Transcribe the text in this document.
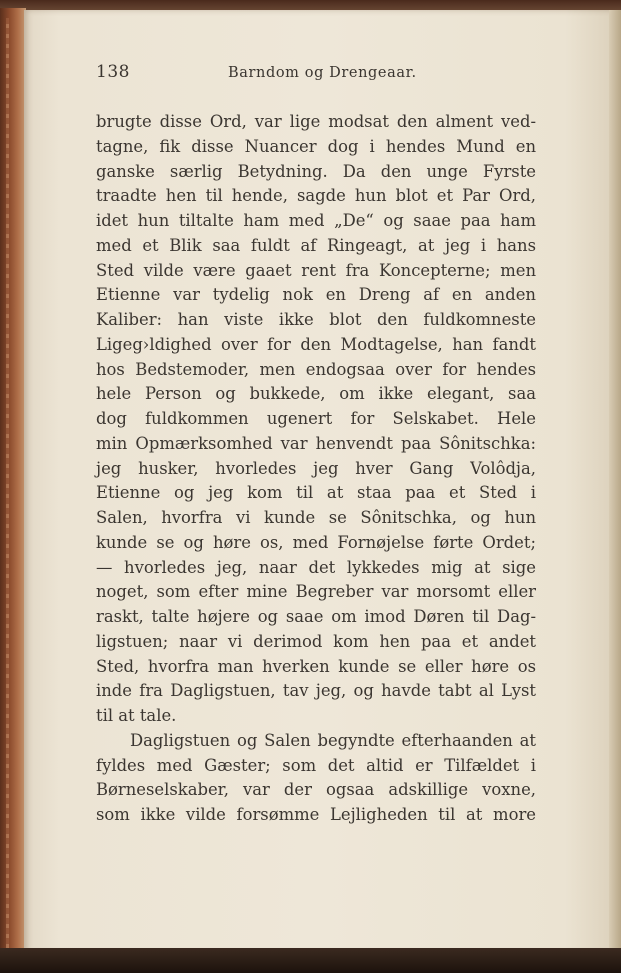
138	Barndom og Drengeaar.
brugte disse Ord, var lige modsat den alment ved-
tagne, fik disse Nuancer dog i hendes Mund en
ganske særlig Betydning. Da den unge Fyrste
traadte hen til hende, sagde hun blot et Par Ord,
idet hun tiltalte ham med „De“ og saae paa ham
med et Blik saa fuldt af Ringeagt, at jeg i hans
Sted vilde være gaaet rent fra Koncepterne; men
Etienne var tydelig nok en Dreng af en anden
Kaliber: han viste ikke blot den fuldkomneste
Ligeg›ldighed over for den Modtagelse, han fandt
hos Bedstemoder, men endogsaa over for hendes
hele Person og bukkede, om ikke elegant, saa
dog fuldkommen ugenert for Selskabet. Hele
min Opmærksomhed var henvendt paa Sônitschka:
jeg husker, hvorledes jeg hver Gang Volôdja,
Etienne og jeg kom til at staa paa et Sted i
Salen, hvorfra vi kunde se Sônitschka, og hun
kunde se og høre os, med Fornøjelse førte Ordet;
— hvorledes jeg, naar det lykkedes mig at sige
noget, som efter mine Begreber var morsomt eller
raskt, talte højere og saae om imod Døren til Dag-
ligstuen; naar vi derimod kom hen paa et andet
Sted, hvorfra man hverken kunde se eller høre os
inde fra Dagligstuen, tav jeg, og havde tabt al Lyst
til at tale.
Dagligstuen og Salen begyndte efterhaanden at
fyldes med Gæster; som det altid er Tilfældet i
Børneselskaber, var der ogsaa adskillige voxne,
som ikke vilde forsømme Lejligheden til at more
